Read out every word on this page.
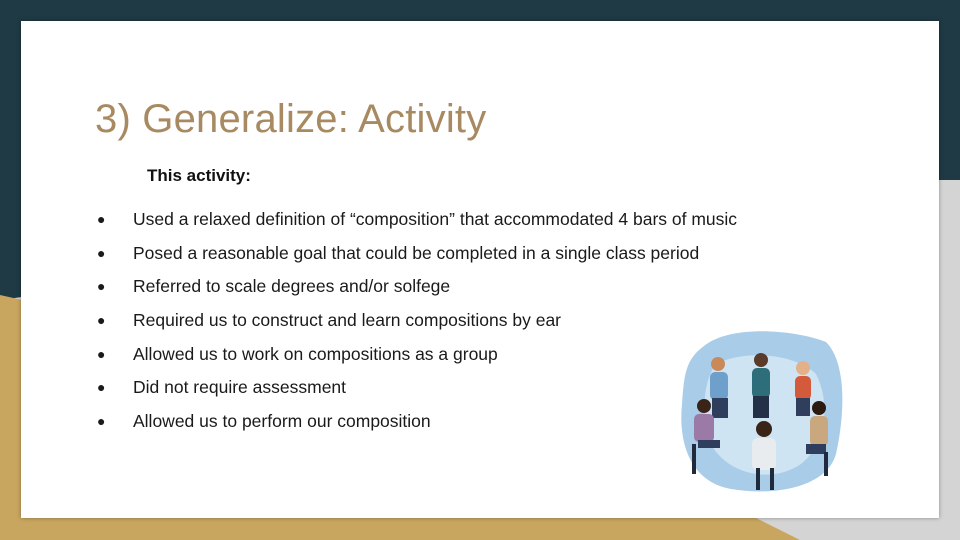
3) Generalize: Activity
This activity:
●	Used a relaxed definition of “composition” that accommodated 4 bars of music
●	Posed a reasonable goal that could be completed in a single class period
●	Referred to scale degrees and/or solfege
●	Required us to construct and learn compositions by ear
●	Allowed us to work on compositions as a group
●	Did not require assessment
●	Allowed us to perform our composition
